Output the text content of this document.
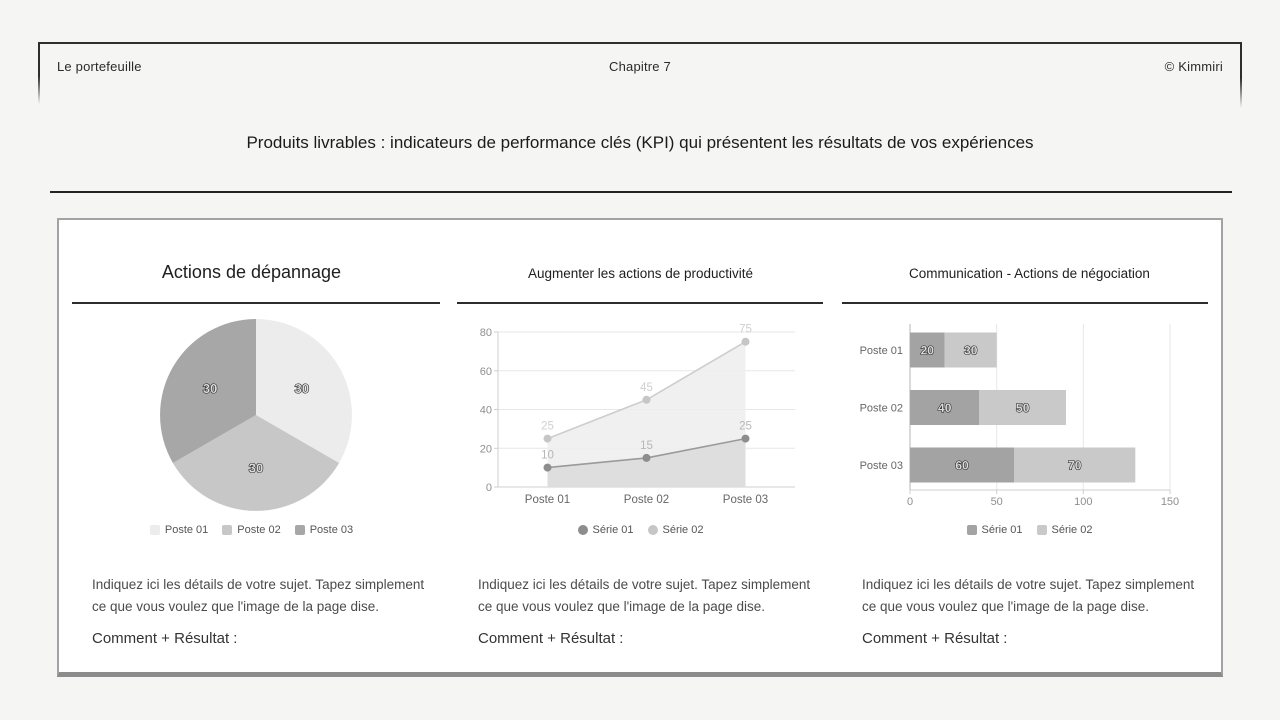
Le portefeuille	Chapitre 7	© Kimmiri
Produits livrables : indicateurs de performance clés (KPI) qui présentent les résultats de vos expériences
Actions de dépannage	Augmenter les actions de productivité	Communication - Actions de négociation
30
30
30
0
20
40
60
80
25
45
75
10
15
25
Poste 01	Poste 02	Poste 03	0	50	100	150
20	30
Poste 01
40	50
Poste 02
60	70
Poste 03
Poste 01	Poste 02	Poste 03	Série 01	Série 02	Série 01	Série 02
Indiquez ici les détails de votre sujet. Tapez simplement
ce que vous voulez que l'image de la page dise.
Indiquez ici les détails de votre sujet. Tapez simplement
ce que vous voulez que l'image de la page dise.
Indiquez ici les détails de votre sujet. Tapez simplement
ce que vous voulez que l'image de la page dise.
Comment + Résultat :	Comment + Résultat :	Comment + Résultat :
